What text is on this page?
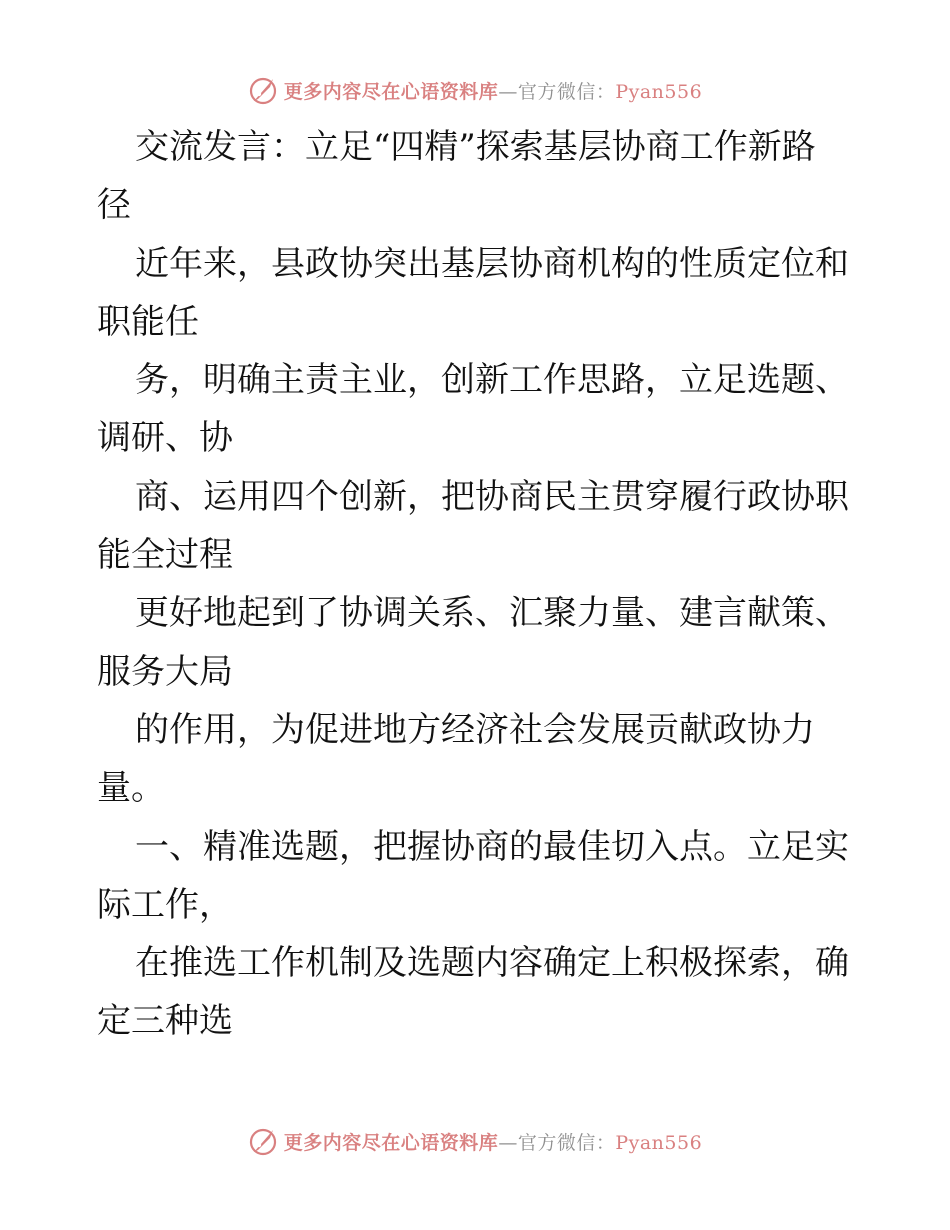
更多内容尽在心语资料库—官方微信：Pyan556
交流发言：立足“四精”探索基层协商工作新路
径
近年来，县政协突出基层协商机构的性质定位和
职能任
务，明确主责主业，创新工作思路，立足选题、
调研、协
商、运用四个创新，把协商民主贯穿履行政协职
能全过程
更好地起到了协调关系、汇聚力量、建言献策、
服务大局
的作用，为促进地方经济社会发展贡献政协力
量。
一、精准选题，把握协商的最佳切入点。立足实
际工作，
在推选工作机制及选题内容确定上积极探索，确
定三种选
更多内容尽在心语资料库—官方微信：Pyan556
